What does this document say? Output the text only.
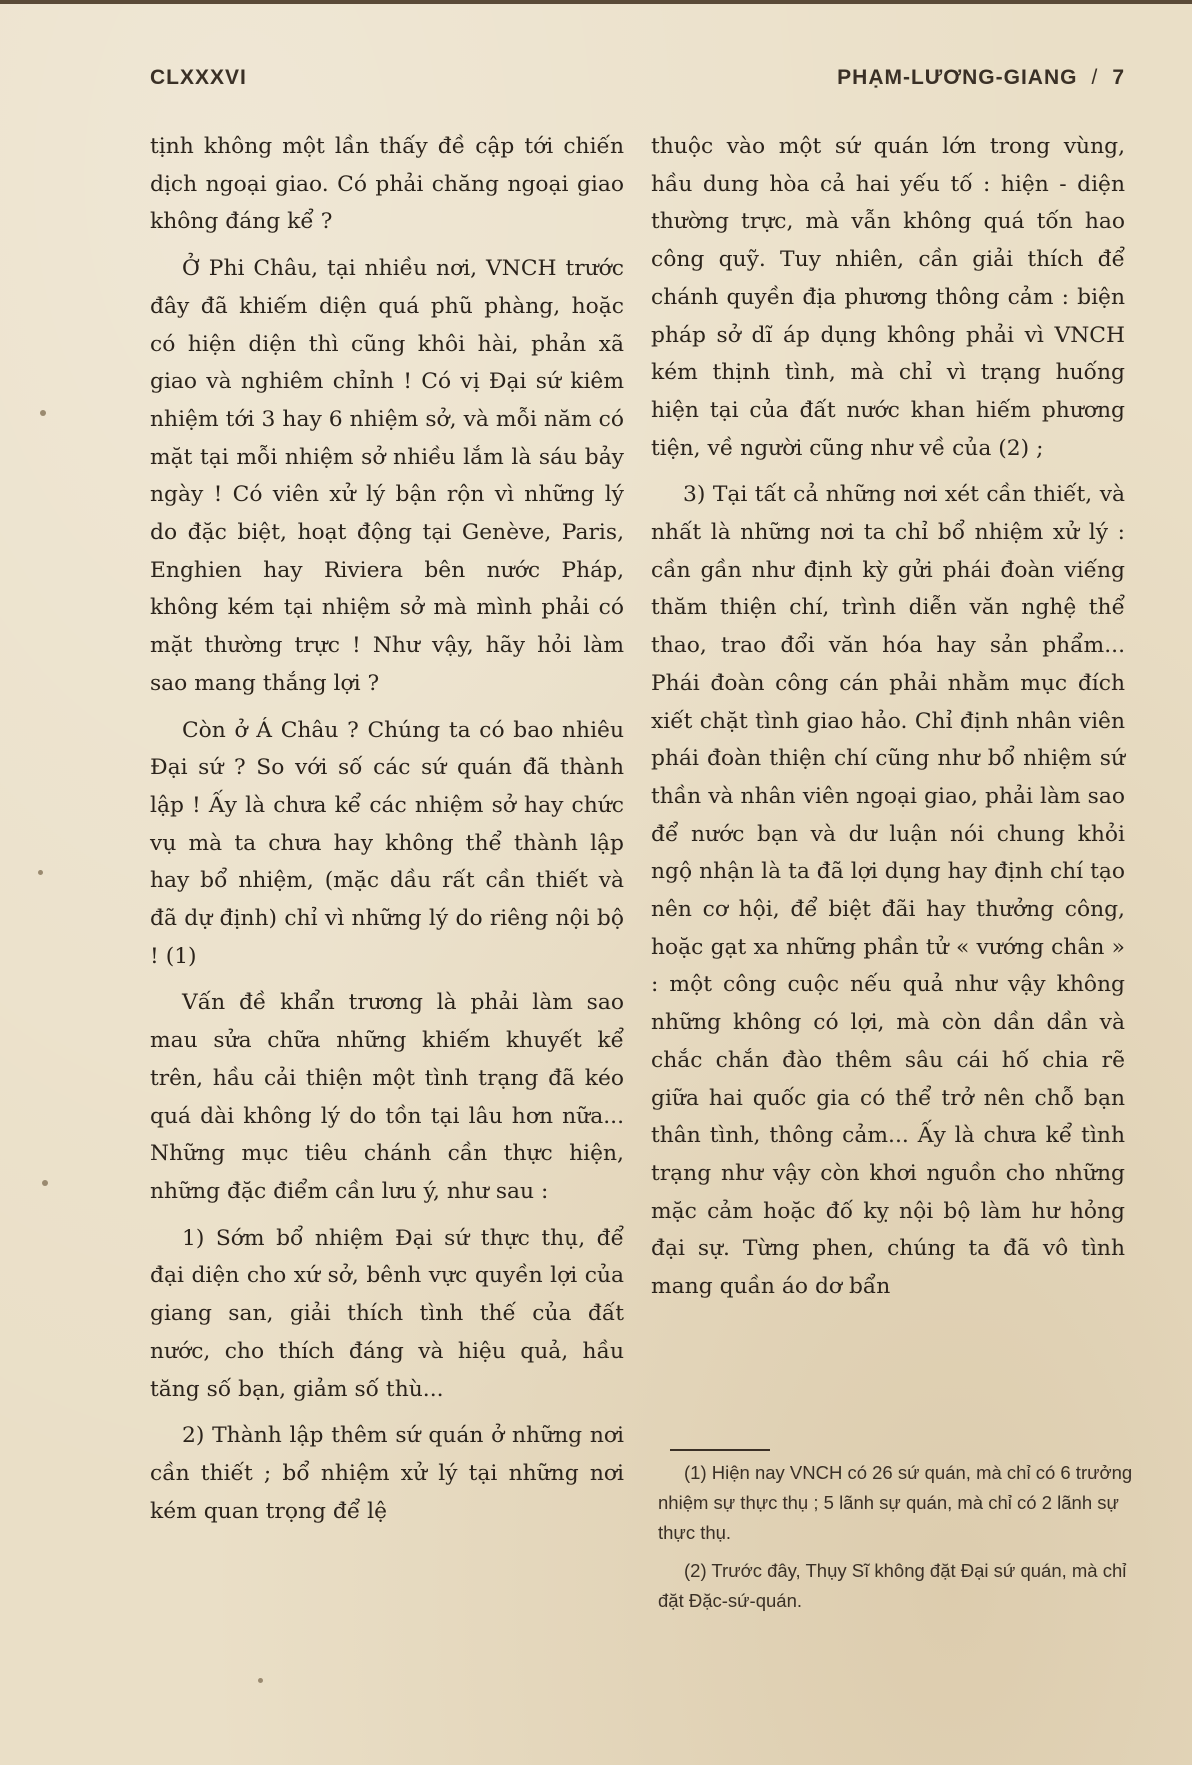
CLXXXVI	PHẠM-LƯƠNG-GIANG / 7

tịnh không một lần thấy đề cập tới chiến dịch ngoại giao. Có phải chăng ngoại giao không đáng kể ?

Ở Phi Châu, tại nhiều nơi, VNCH trước đây đã khiếm diện quá phũ phàng, hoặc có hiện diện thì cũng khôi hài, phản xã giao và nghiêm chỉnh ! Có vị Đại sứ kiêm nhiệm tới 3 hay 6 nhiệm sở, và mỗi năm có mặt tại mỗi nhiệm sở nhiều lắm là sáu bảy ngày ! Có viên xử lý bận rộn vì những lý do đặc biệt, hoạt động tại Genève, Paris, Enghien hay Riviera bên nước Pháp, không kém tại nhiệm sở mà mình phải có mặt thường trực ! Như vậy, hãy hỏi làm sao mang thắng lợi ?

Còn ở Á Châu ? Chúng ta có bao nhiêu Đại sứ ? So với số các sứ quán đã thành lập ! Ấy là chưa kể các nhiệm sở hay chức vụ mà ta chưa hay không thể thành lập hay bổ nhiệm, (mặc dầu rất cần thiết và đã dự định) chỉ vì những lý do riêng nội bộ ! (1)

Vấn đề khẩn trương là phải làm sao mau sửa chữa những khiếm khuyết kể trên, hầu cải thiện một tình trạng đã kéo quá dài không lý do tồn tại lâu hơn nữa... Những mục tiêu chánh cần thực hiện, những đặc điểm cần lưu ý, như sau :

1) Sớm bổ nhiệm Đại sứ thực thụ, để đại diện cho xứ sở, bênh vực quyền lợi của giang san, giải thích tình thế của đất nước, cho thích đáng và hiệu quả, hầu tăng số bạn, giảm số thù...

2) Thành lập thêm sứ quán ở những nơi cần thiết ; bổ nhiệm xử lý tại những nơi kém quan trọng để lệ

thuộc vào một sứ quán lớn trong vùng, hầu dung hòa cả hai yếu tố : hiện - diện thường trực, mà vẫn không quá tốn hao công quỹ. Tuy nhiên, cần giải thích để chánh quyền địa phương thông cảm : biện pháp sở dĩ áp dụng không phải vì VNCH kém thịnh tình, mà chỉ vì trạng huống hiện tại của đất nước khan hiếm phương tiện, về người cũng như về của (2) ;

3) Tại tất cả những nơi xét cần thiết, và nhất là những nơi ta chỉ bổ nhiệm xử lý : cần gần như định kỳ gửi phái đoàn viếng thăm thiện chí, trình diễn văn nghệ thể thao, trao đổi văn hóa hay sản phẩm... Phái đoàn công cán phải nhằm mục đích xiết chặt tình giao hảo. Chỉ định nhân viên phái đoàn thiện chí cũng như bổ nhiệm sứ thần và nhân viên ngoại giao, phải làm sao để nước bạn và dư luận nói chung khỏi ngộ nhận là ta đã lợi dụng hay định chí tạo nên cơ hội, để biệt đãi hay thưởng công, hoặc gạt xa những phần tử « vướng chân » : một công cuộc nếu quả như vậy không những không có lợi, mà còn dần dần và chắc chắn đào thêm sâu cái hố chia rẽ giữa hai quốc gia có thể trở nên chỗ bạn thân tình, thông cảm... Ấy là chưa kể tình trạng như vậy còn khơi nguồn cho những mặc cảm hoặc đố kỵ nội bộ làm hư hỏng đại sự. Từng phen, chúng ta đã vô tình mang quần áo dơ bẩn

(1) Hiện nay VNCH có 26 sứ quán, mà chỉ có 6 trưởng nhiệm sự thực thụ ; 5 lãnh sự quán, mà chỉ có 2 lãnh sự thực thụ.

(2) Trước đây, Thụy Sĩ không đặt Đại sứ quán, mà chỉ đặt Đặc-sứ-quán.
